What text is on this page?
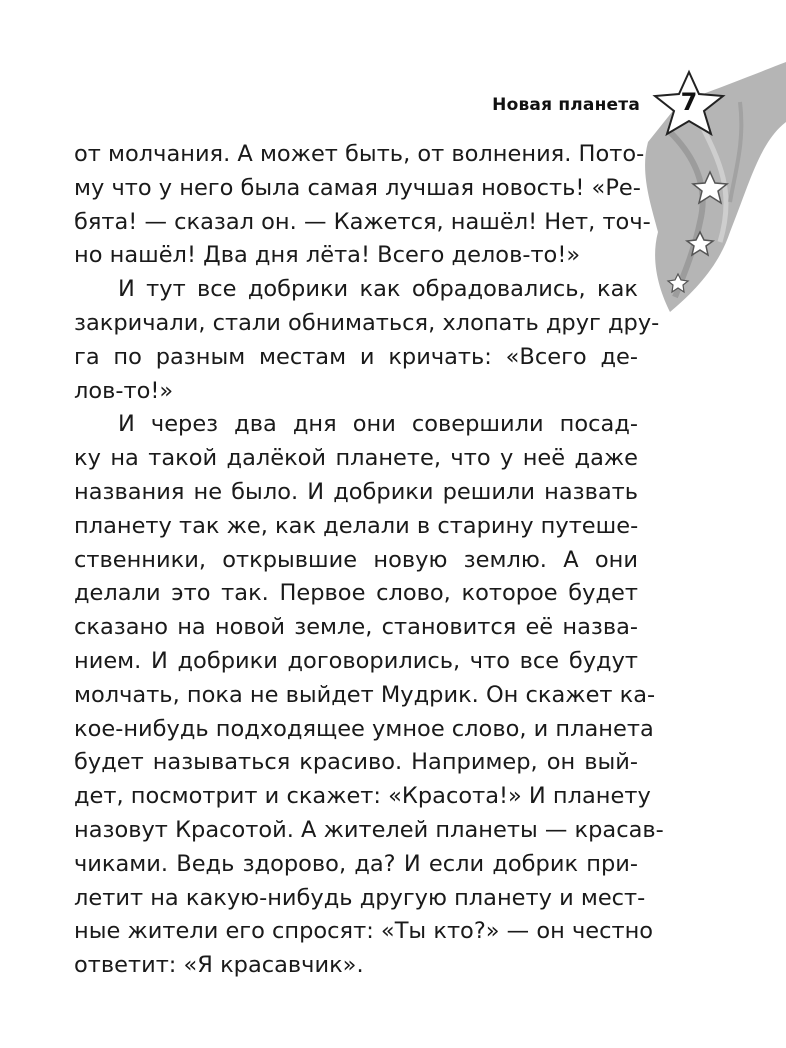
Новая планета	7
от молчания. А может быть, от волнения. Пото-
му что у него была самая лучшая новость! «Ре-
бята! — сказал он. — Кажется, нашёл! Нет, точ-
но нашёл! Два дня лёта! Всего делов-то!»
И тут все добрики как обрадовались, как
закричали, стали обниматься, хлопать друг дру-
га по разным местам и кричать: «Всего де-
лов-то!»
И через два дня они совершили посад-
ку на такой далёкой планете, что у неё даже
названия не было. И добрики решили назвать
планету так же, как делали в старину путеше-
ственники, открывшие новую землю. А они
делали это так. Первое слово, которое будет
сказано на новой земле, становится её назва-
нием. И добрики договорились, что все будут
молчать, пока не выйдет Мудрик. Он скажет ка-
кое-нибудь подходящее умное слово, и планета
будет называться красиво. Например, он вый-
дет, посмотрит и скажет: «Красота!» И планету
назовут Красотой. А жителей планеты — красав-
чиками. Ведь здорово, да? И если добрик при-
летит на какую-нибудь другую планету и мест-
ные жители его спросят: «Ты кто?» — он честно
ответит: «Я красавчик».
